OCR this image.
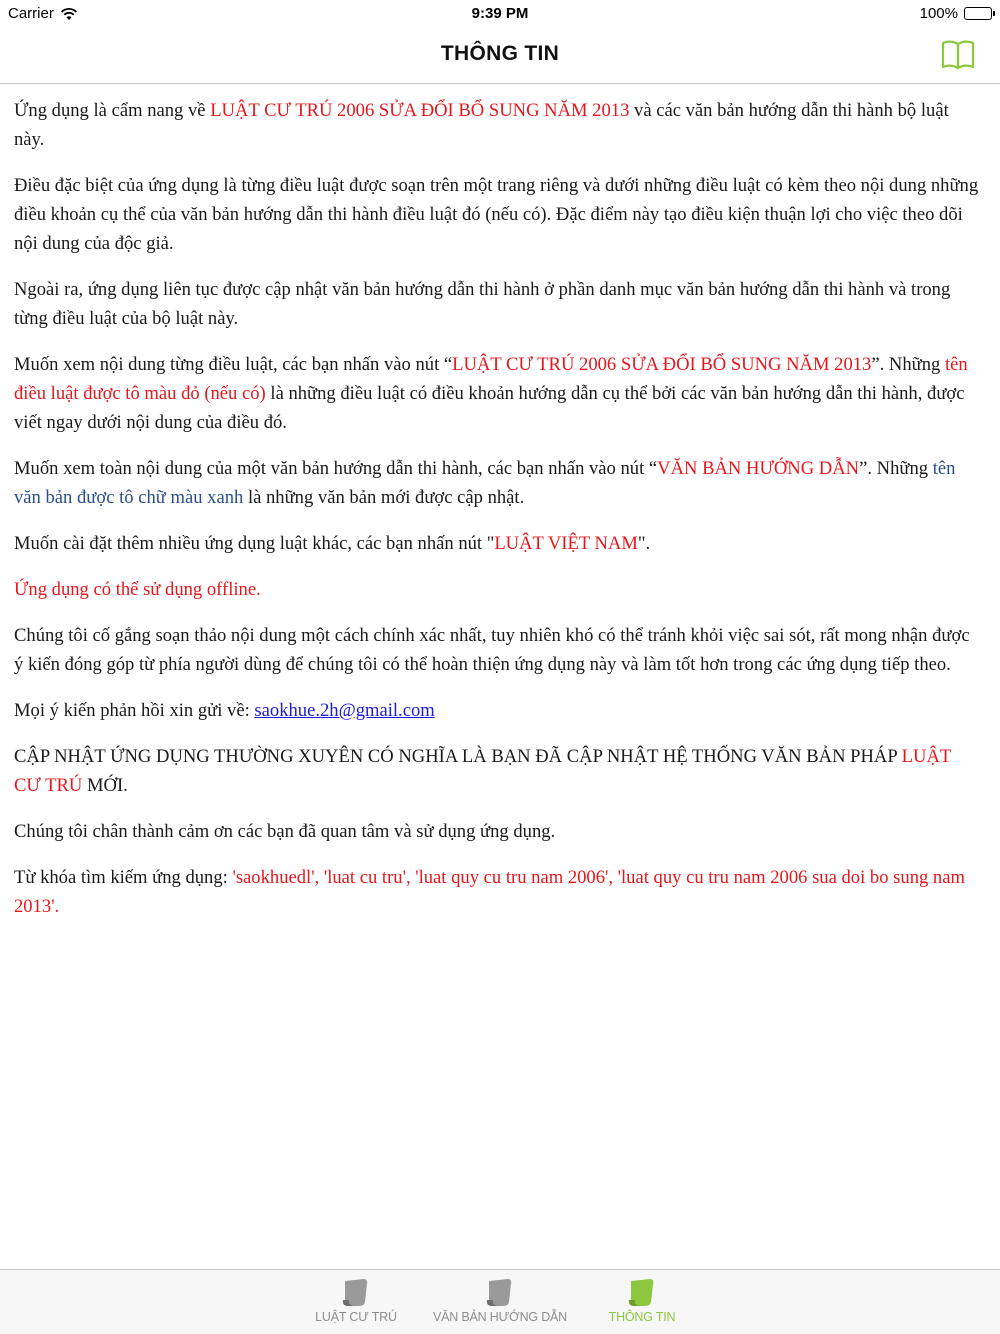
Carrier	9:39 PM	100%
THÔNG TIN

Ứng dụng là cẩm nang về LUẬT CƯ TRÚ 2006 SỬA ĐỔI BỔ SUNG NĂM 2013 và các văn bản hướng dẫn thi hành bộ luật này.

Điều đặc biệt của ứng dụng là từng điều luật được soạn trên một trang riêng và dưới những điều luật có kèm theo nội dung những điều khoản cụ thể của văn bản hướng dẫn thi hành điều luật đó (nếu có). Đặc điểm này tạo điều kiện thuận lợi cho việc theo dõi nội dung của độc giả.

Ngoài ra, ứng dụng liên tục được cập nhật văn bản hướng dẫn thi hành ở phần danh mục văn bản hướng dẫn thi hành và trong từng điều luật của bộ luật này.

Muốn xem nội dung từng điều luật, các bạn nhấn vào nút “LUẬT CƯ TRÚ 2006 SỬA ĐỔI BỔ SUNG NĂM 2013”. Những tên điều luật được tô màu đỏ (nếu có) là những điều luật có điều khoản hướng dẫn cụ thể bởi các văn bản hướng dẫn thi hành, được viết ngay dưới nội dung của điều đó.

Muốn xem toàn nội dung của một văn bản hướng dẫn thi hành, các bạn nhấn vào nút “VĂN BẢN HƯỚNG DẪN”. Những tên văn bản được tô chữ màu xanh là những văn bản mới được cập nhật.

Muốn cài đặt thêm nhiều ứng dụng luật khác, các bạn nhấn nút "LUẬT VIỆT NAM".

Ứng dụng có thể sử dụng offline.

Chúng tôi cố gắng soạn thảo nội dung một cách chính xác nhất, tuy nhiên khó có thể tránh khỏi việc sai sót, rất mong nhận được ý kiến đóng góp từ phía người dùng để chúng tôi có thể hoàn thiện ứng dụng này và làm tốt hơn trong các ứng dụng tiếp theo.

Mọi ý kiến phản hồi xin gửi về: saokhue.2h@gmail.com

CẬP NHẬT ỨNG DỤNG THƯỜNG XUYÊN CÓ NGHĨA LÀ BẠN ĐÃ CẬP NHẬT HỆ THỐNG VĂN BẢN PHÁP LUẬT CƯ TRÚ MỚI.

Chúng tôi chân thành cảm ơn các bạn đã quan tâm và sử dụng ứng dụng.

Từ khóa tìm kiếm ứng dụng: 'saokhuedl', 'luat cu tru', 'luat quy cu tru nam 2006', 'luat quy cu tru nam 2006 sua doi bo sung nam 2013'.

LUẬT CƯ TRÚ	VĂN BẢN HƯỚNG DẪN	THÔNG TIN
